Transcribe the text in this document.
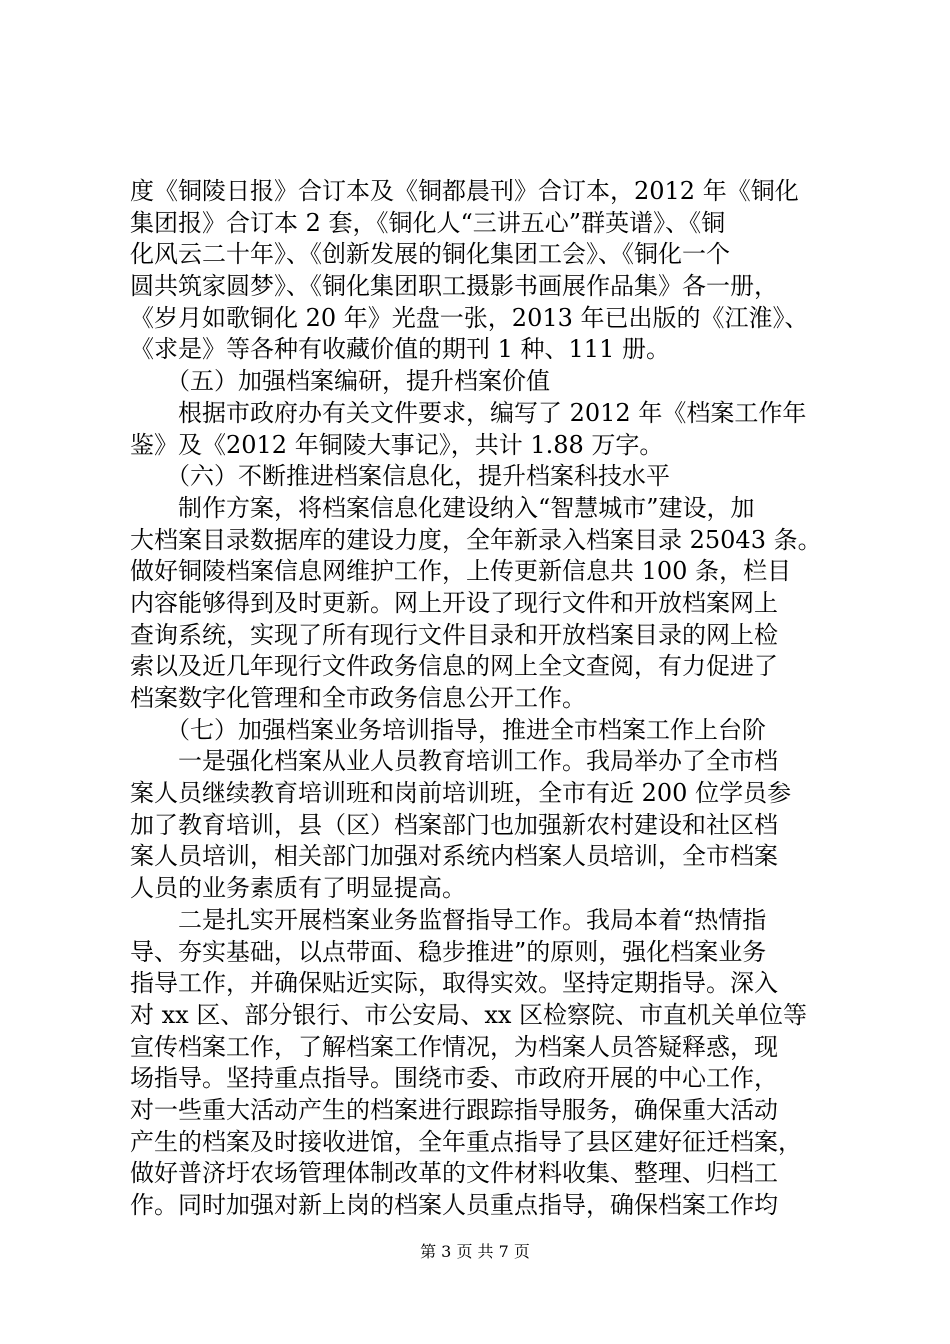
度《铜陵日报》合订本及《铜都晨刊》合订本，2012 年《铜化
集团报》合订本 2 套，《铜化人“三讲五心”群英谱》、《铜
化风云二十年》、《创新发展的铜化集团工会》、《铜化一个
圆共筑家圆梦》、《铜化集团职工摄影书画展作品集》各一册，
《岁月如歌铜化 20 年》光盘一张，2013 年已出版的《江淮》、
《求是》等各种有收藏价值的期刊 1 种、111 册。
　　（五）加强档案编研，提升档案价值
　　根据市政府办有关文件要求，编写了 2012 年《档案工作年
鉴》及《2012 年铜陵大事记》，共计 1.88 万字。
　　（六）不断推进档案信息化，提升档案科技水平
　　制作方案，将档案信息化建设纳入“智慧城市”建设，加
大档案目录数据库的建设力度，全年新录入档案目录 25043 条。
做好铜陵档案信息网维护工作，上传更新信息共 100 条，栏目
内容能够得到及时更新。网上开设了现行文件和开放档案网上
查询系统，实现了所有现行文件目录和开放档案目录的网上检
索以及近几年现行文件政务信息的网上全文查阅，有力促进了
档案数字化管理和全市政务信息公开工作。
　　（七）加强档案业务培训指导，推进全市档案工作上台阶
　　一是强化档案从业人员教育培训工作。我局举办了全市档
案人员继续教育培训班和岗前培训班，全市有近 200 位学员参
加了教育培训，县（区）档案部门也加强新农村建设和社区档
案人员培训，相关部门加强对系统内档案人员培训，全市档案
人员的业务素质有了明显提高。
　　二是扎实开展档案业务监督指导工作。我局本着“热情指
导、夯实基础，以点带面、稳步推进”的原则，强化档案业务
指导工作，并确保贴近实际，取得实效。坚持定期指导。深入
对 xx 区、部分银行、市公安局、xx 区检察院、市直机关单位等
宣传档案工作，了解档案工作情况，为档案人员答疑释惑，现
场指导。坚持重点指导。围绕市委、市政府开展的中心工作，
对一些重大活动产生的档案进行跟踪指导服务，确保重大活动
产生的档案及时接收进馆，全年重点指导了县区建好征迁档案，
做好普济圩农场管理体制改革的文件材料收集、整理、归档工
作。同时加强对新上岗的档案人员重点指导，确保档案工作均
第 3 页 共 7 页
